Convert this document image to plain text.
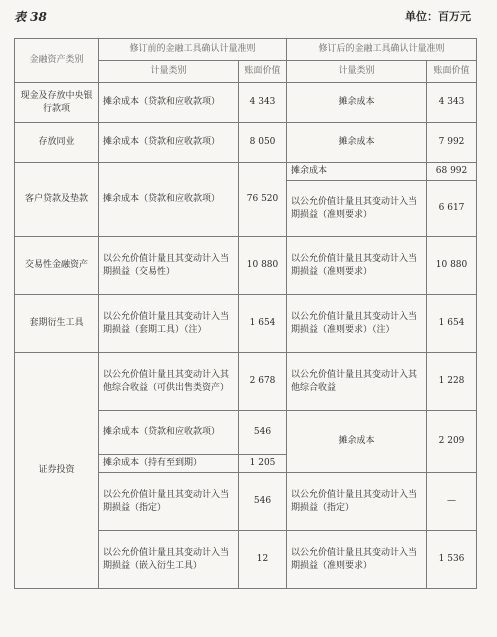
表 38	单位：百万元
金融资产类别	修订前的金融工具确认计量准则		修订后的金融工具确认计量准则	
	计量类别	账面价值	计量类别	账面价值
现金及存放中央银行款项	摊余成本（贷款和应收款项）	4 343	摊余成本	4 343
存放同业	摊余成本（贷款和应收款项）	8 050	摊余成本	7 992
客户贷款及垫款	摊余成本（贷款和应收款项）	76 520	摊余成本	68 992
			以公允价值计量且其变动计入当期损益（准则要求）	6 617
交易性金融资产	以公允价值计量且其变动计入当期损益（交易性）	10 880	以公允价值计量且其变动计入当期损益（准则要求）	10 880
套期衍生工具	以公允价值计量且其变动计入当期损益（套期工具）（注）	1 654	以公允价值计量且其变动计入当期损益（准则要求）（注）	1 654
证券投资	以公允价值计量且其变动计入其他综合收益（可供出售类资产）	2 678	以公允价值计量且其变动计入其他综合收益	1 228
	摊余成本（贷款和应收款项）	546	摊余成本	2 209
	摊余成本（持有至到期）	1 205		
	以公允价值计量且其变动计入当期损益（指定）	546	以公允价值计量且其变动计入当期损益（指定）	—
	以公允价值计量且其变动计入当期损益（嵌入衍生工具）	12	以公允价值计量且其变动计入当期损益（准则要求）	1 536
